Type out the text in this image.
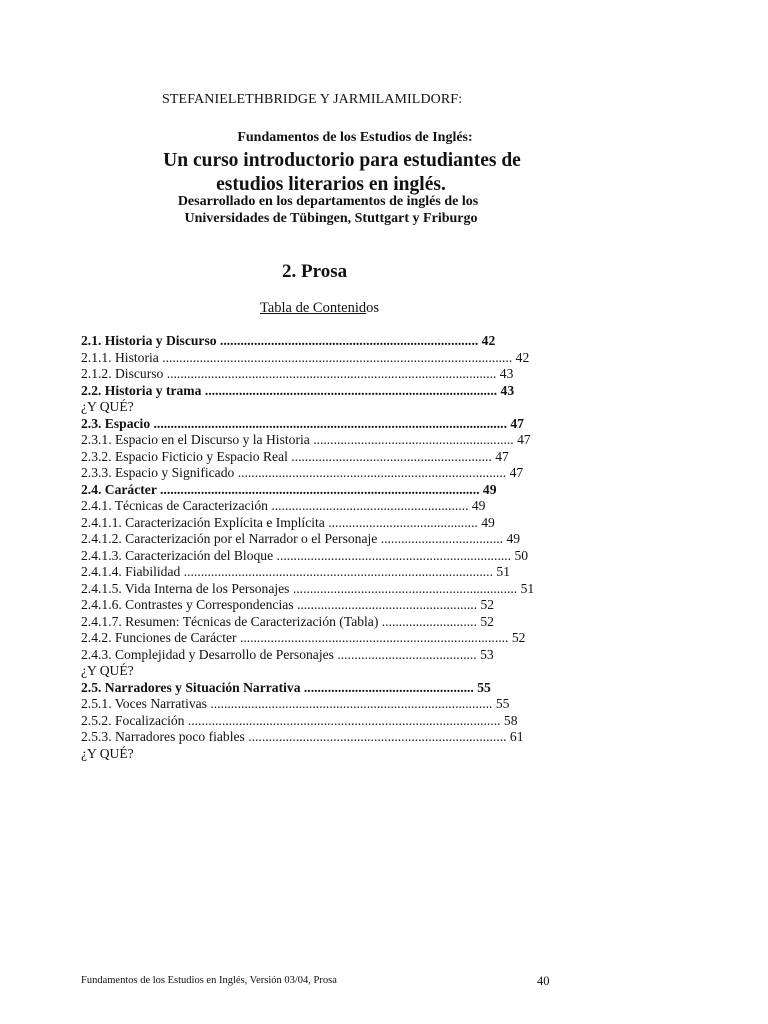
STEFANIELETHBRIDGE Y JARMILAMILDORF:
Fundamentos de los Estudios de Inglés:
Un curso introductorio para estudiantes de
estudios literarios en inglés.
Desarrollado en los departamentos de inglés de los
Universidades de Tübingen, Stuttgart y Friburgo
2. Prosa
Tabla de Contenidos
2.1. Historia y Discurso ............................................................................ 42
2.1.1. Historia ....................................................................................................... 42
2.1.2. Discurso ................................................................................................. 43
2.2. Historia y trama ...................................................................................... 43
¿Y QUÉ?
2.3. Espacio ........................................................................................................ 47
2.3.1. Espacio en el Discurso y la Historia ........................................................... 47
2.3.2. Espacio Ficticio y Espacio Real ........................................................... 47
2.3.3. Espacio y Significado ............................................................................... 47
2.4. Carácter .............................................................................................. 49
2.4.1. Técnicas de Caracterización .......................................................... 49
2.4.1.1. Caracterización Explícita e Implícita ............................................ 49
2.4.1.2. Caracterización por el Narrador o el Personaje .................................... 49
2.4.1.3. Caracterización del Bloque ..................................................................... 50
2.4.1.4. Fiabilidad ........................................................................................... 51
2.4.1.5. Vida Interna de los Personajes .................................................................. 51
2.4.1.6. Contrastes y Correspondencias ..................................................... 52
2.4.1.7. Resumen: Técnicas de Caracterización (Tabla) ............................ 52
2.4.2. Funciones de Carácter ............................................................................... 52
2.4.3. Complejidad y Desarrollo de Personajes ......................................... 53
¿Y QUÉ?
2.5. Narradores y Situación Narrativa .................................................. 55
2.5.1. Voces Narrativas ................................................................................... 55
2.5.2. Focalización ............................................................................................ 58
2.5.3. Narradores poco fiables ............................................................................ 61
¿Y QUÉ?
Fundamentos de los Estudios en Inglés, Versión 03/04, Prosa	40
